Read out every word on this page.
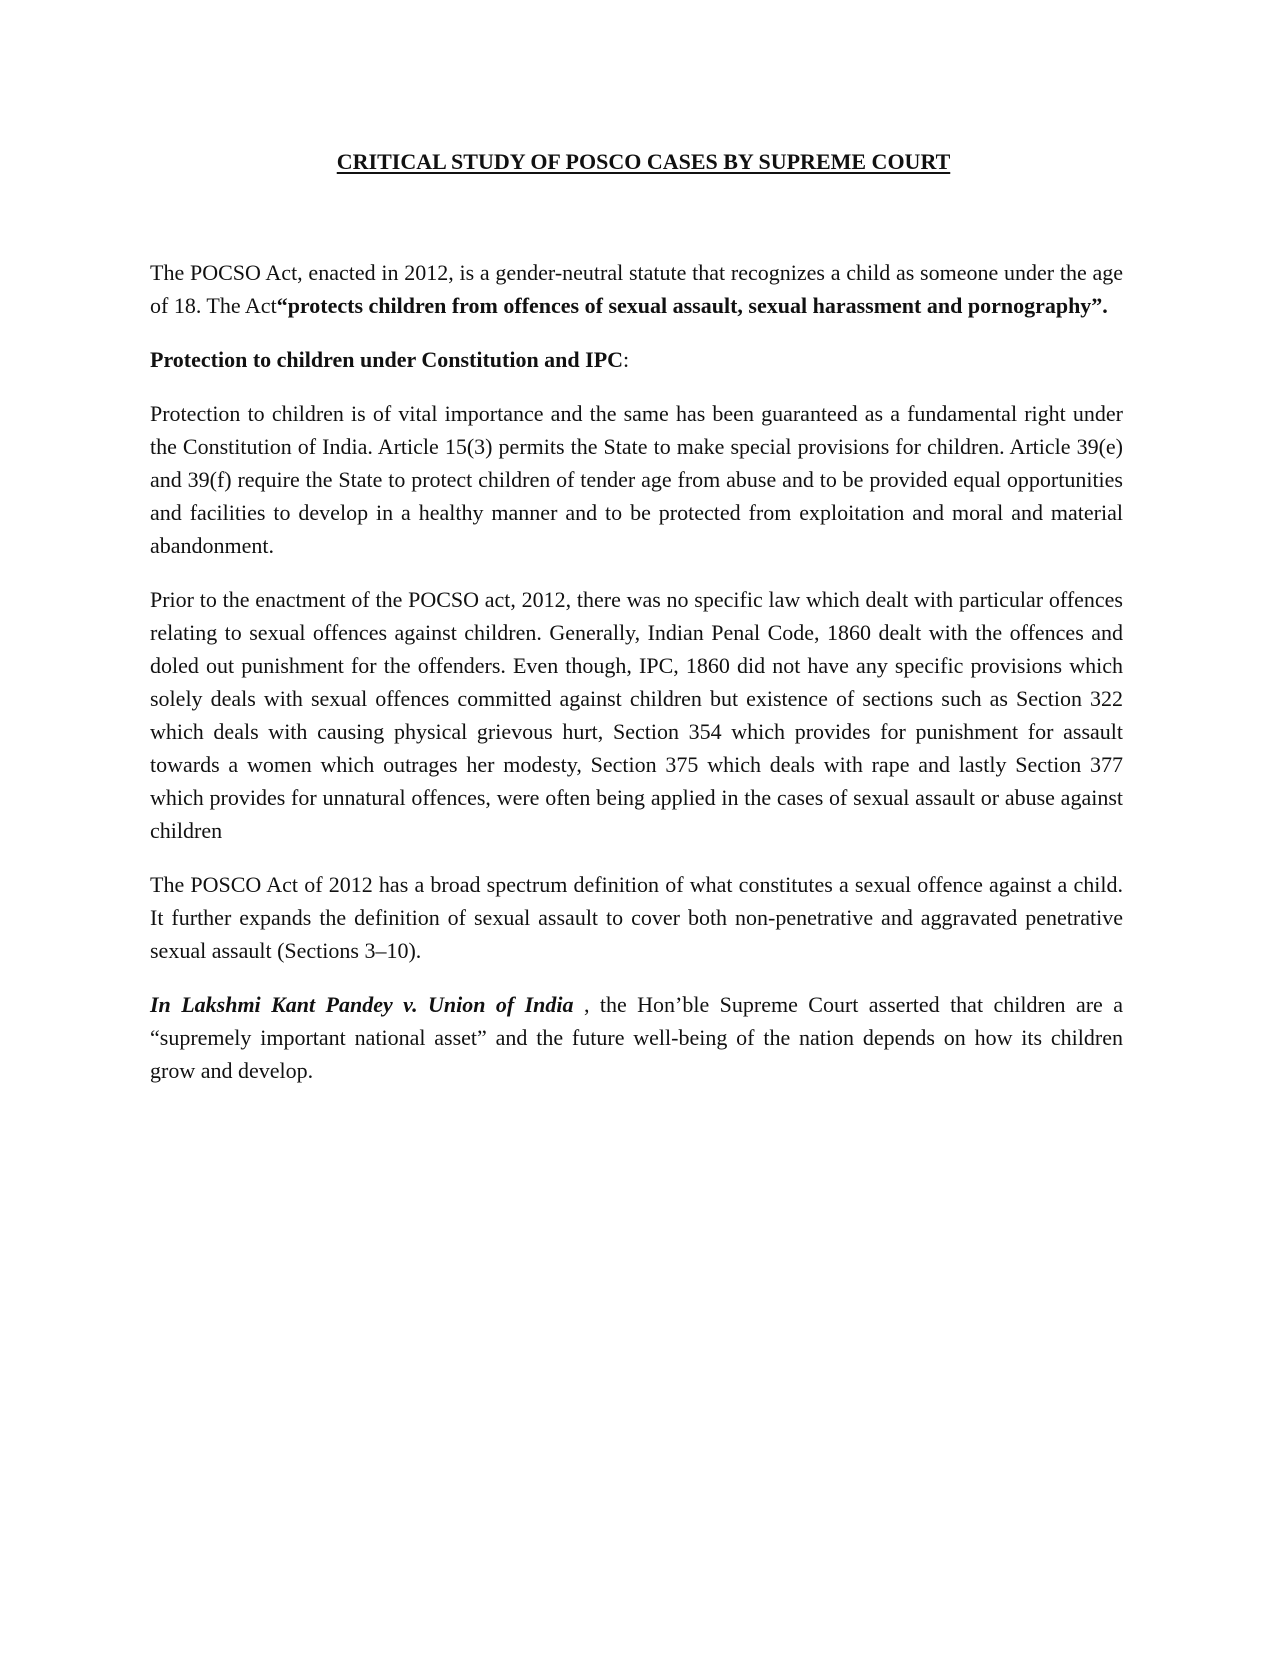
CRITICAL STUDY OF POSCO CASES BY SUPREME COURT

The POCSO Act, enacted in 2012, is a gender-neutral statute that recognizes a child as someone under the age of 18. The Act“protects children from offences of sexual assault, sexual harassment and pornography”.

Protection to children under Constitution and IPC:

Protection to children is of vital importance and the same has been guaranteed as a fundamental right under the Constitution of India. Article 15(3) permits the State to make special provisions for children. Article 39(e) and 39(f) require the State to protect children of tender age from abuse and to be provided equal opportunities and facilities to develop in a healthy manner and to be protected from exploitation and moral and material abandonment.

Prior to the enactment of the POCSO act, 2012, there was no specific law which dealt with particular offences relating to sexual offences against children. Generally, Indian Penal Code, 1860 dealt with the offences and doled out punishment for the offenders. Even though, IPC, 1860 did not have any specific provisions which solely deals with sexual offences committed against children but existence of sections such as Section 322 which deals with causing physical grievous hurt, Section 354 which provides for punishment for assault towards a women which outrages her modesty, Section 375 which deals with rape and lastly Section 377 which provides for unnatural offences, were often being applied in the cases of sexual assault or abuse against children

The POSCO Act of 2012 has a broad spectrum definition of what constitutes a sexual offence against a child. It further expands the definition of sexual assault to cover both non-penetrative and aggravated penetrative sexual assault (Sections 3–10).

In Lakshmi Kant Pandey v. Union of India , the Hon’ble Supreme Court asserted that children are a “supremely important national asset” and the future well-being of the nation depends on how its children grow and develop.
